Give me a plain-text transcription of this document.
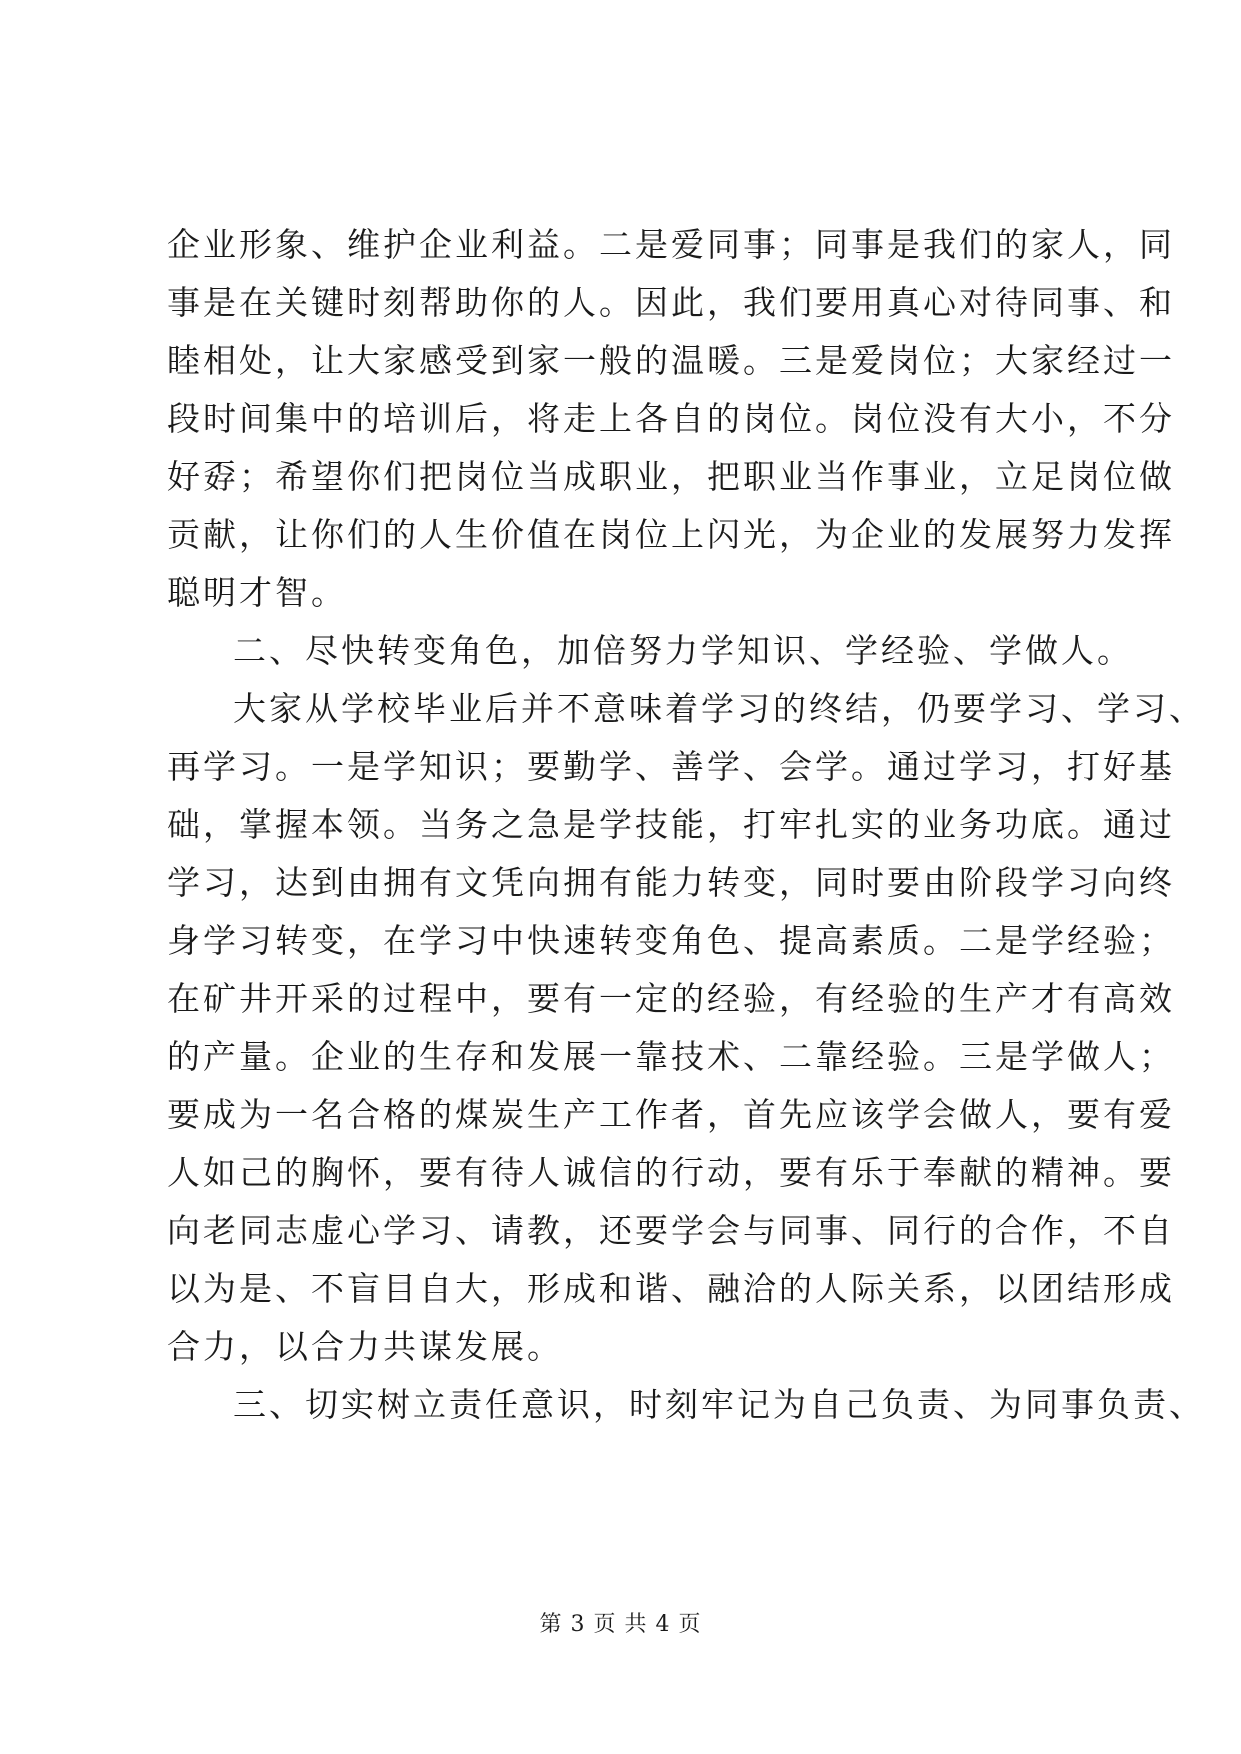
企业形象、维护企业利益。二是爱同事；同事是我们的家人，同
事是在关键时刻帮助你的人。因此，我们要用真心对待同事、和
睦相处，让大家感受到家一般的温暖。三是爱岗位；大家经过一
段时间集中的培训后，将走上各自的岗位。岗位没有大小，不分
好孬；希望你们把岗位当成职业，把职业当作事业，立足岗位做
贡献，让你们的人生价值在岗位上闪光，为企业的发展努力发挥
聪明才智。
二、尽快转变角色，加倍努力学知识、学经验、学做人。
大家从学校毕业后并不意味着学习的终结，仍要学习、学习、
再学习。一是学知识；要勤学、善学、会学。通过学习，打好基
础，掌握本领。当务之急是学技能，打牢扎实的业务功底。通过
学习，达到由拥有文凭向拥有能力转变，同时要由阶段学习向终
身学习转变，在学习中快速转变角色、提高素质。二是学经验；
在矿井开采的过程中，要有一定的经验，有经验的生产才有高效
的产量。企业的生存和发展一靠技术、二靠经验。三是学做人；
要成为一名合格的煤炭生产工作者，首先应该学会做人，要有爱
人如己的胸怀，要有待人诚信的行动，要有乐于奉献的精神。要
向老同志虚心学习、请教，还要学会与同事、同行的合作，不自
以为是、不盲目自大，形成和谐、融洽的人际关系，以团结形成
合力，以合力共谋发展。
三、切实树立责任意识，时刻牢记为自己负责、为同事负责、
第 3 页 共 4 页
